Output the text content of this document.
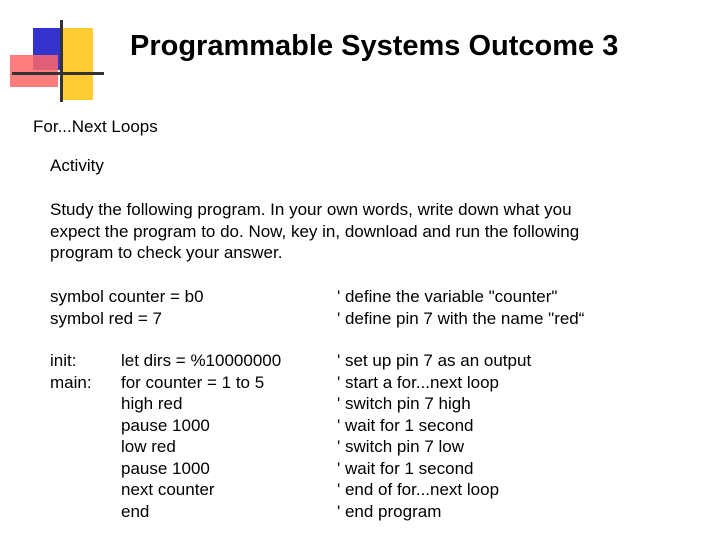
Programmable Systems Outcome 3

For...Next Loops

Activity

Study the following program. In your own words, write down what you
expect the program to do. Now, key in, download and run the following
program to check your answer.
symbol counter = b0	' define the variable "counter"
symbol red = 7	' define pin 7 with the name "red“
init:	let dirs = %10000000	' set up pin 7 as an output
main: for counter = 1 to 5	' start a for...next loop
high red	' switch pin 7 high
pause 1000	' wait for 1 second
low red	' switch pin 7 low
pause 1000	' wait for 1 second
next counter	' end of for...next loop
end	' end program
